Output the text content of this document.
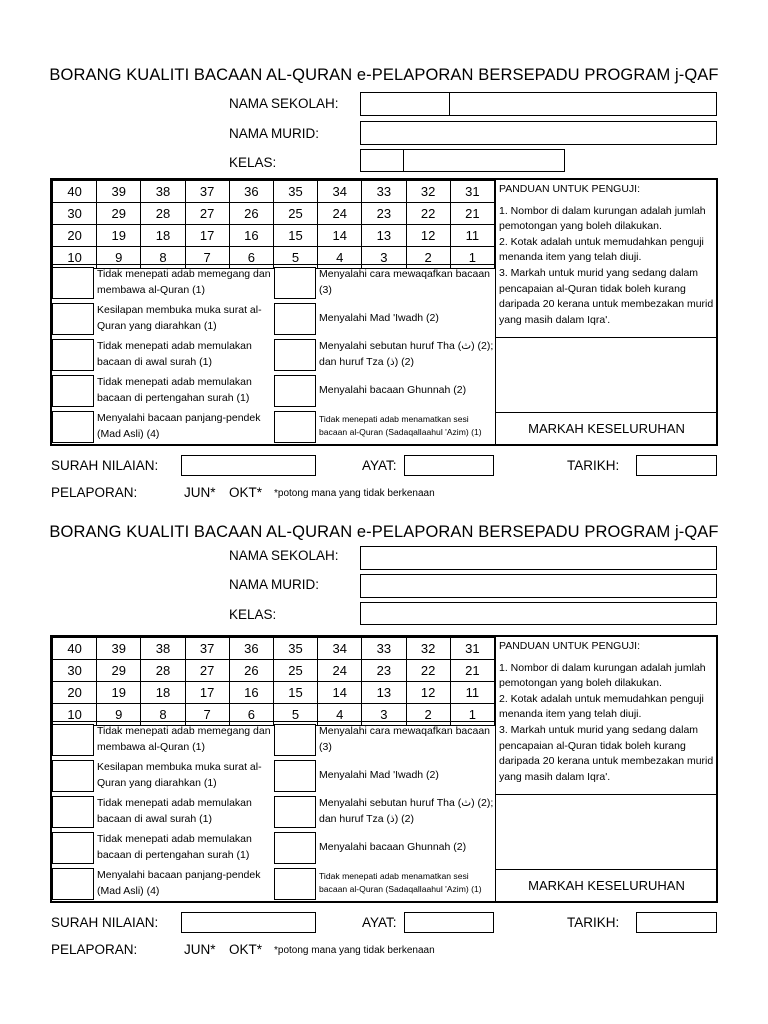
BORANG KUALITI BACAAN AL-QURAN e-PELAPORAN BERSEPADU PROGRAM j-QAF
NAMA SEKOLAH:
NAMA MURID:
KELAS:
40	39	38	37	36	35	34	33	32	31
30	29	28	27	26	25	24	23	22	21
20	19	18	17	16	15	14	13	12	11
10	9	8	7	6	5	4	3	2	1
Tidak menepati adab memegang dan membawa al-Quran (1)
Menyalahi cara mewaqafkan bacaan (3)
Kesilapan membuka muka surat al-Quran yang diarahkan (1)
Menyalahi Mad 'Iwadh (2)
Tidak menepati adab memulakan bacaan di awal surah (1)
Menyalahi sebutan huruf Tha (ث) (2); dan huruf Tza (ذ) (2)
Tidak menepati adab memulakan bacaan di pertengahan surah (1)
Menyalahi bacaan Ghunnah (2)
Menyalahi bacaan panjang-pendek (Mad Asli) (4)
Tidak menepati adab menamatkan sesi bacaan al-Quran (Sadaqallaahul 'Azim) (1)
PANDUAN UNTUK PENGUJI:

1. Nombor di dalam kurungan adalah jumlah pemotongan yang boleh dilakukan.

2. Kotak adalah untuk memudahkan penguji menanda item yang telah diuji.

3. Markah untuk murid yang sedang dalam pencapaian al-Quran tidak boleh kurang daripada 20 kerana untuk membezakan murid yang masih dalam Iqra'.

MARKAH KESELURUHAN
SURAH NILAIAN:	AYAT:	TARIKH:
PELAPORAN:	JUN* OKT* *potong mana yang tidak berkenaan
BORANG KUALITI BACAAN AL-QURAN e-PELAPORAN BERSEPADU PROGRAM j-QAF
NAMA SEKOLAH:
NAMA MURID:
KELAS:
40	39	38	37	36	35	34	33	32	31
30	29	28	27	26	25	24	23	22	21
20	19	18	17	16	15	14	13	12	11
10	9	8	7	6	5	4	3	2	1
Tidak menepati adab memegang dan membawa al-Quran (1)
Menyalahi cara mewaqafkan bacaan (3)
Kesilapan membuka muka surat al-Quran yang diarahkan (1)
Menyalahi Mad 'Iwadh (2)
Tidak menepati adab memulakan bacaan di awal surah (1)
Menyalahi sebutan huruf Tha (ث) (2); dan huruf Tza (ذ) (2)
Tidak menepati adab memulakan bacaan di pertengahan surah (1)
Menyalahi bacaan Ghunnah (2)
Menyalahi bacaan panjang-pendek (Mad Asli) (4)
Tidak menepati adab menamatkan sesi bacaan al-Quran (Sadaqallaahul 'Azim) (1)
PANDUAN UNTUK PENGUJI:

1. Nombor di dalam kurungan adalah jumlah pemotongan yang boleh dilakukan.

2. Kotak adalah untuk memudahkan penguji menanda item yang telah diuji.

3. Markah untuk murid yang sedang dalam pencapaian al-Quran tidak boleh kurang daripada 20 kerana untuk membezakan murid yang masih dalam Iqra'.

MARKAH KESELURUHAN
SURAH NILAIAN:	AYAT:	TARIKH:
PELAPORAN:	JUN* OKT* *potong mana yang tidak berkenaan
